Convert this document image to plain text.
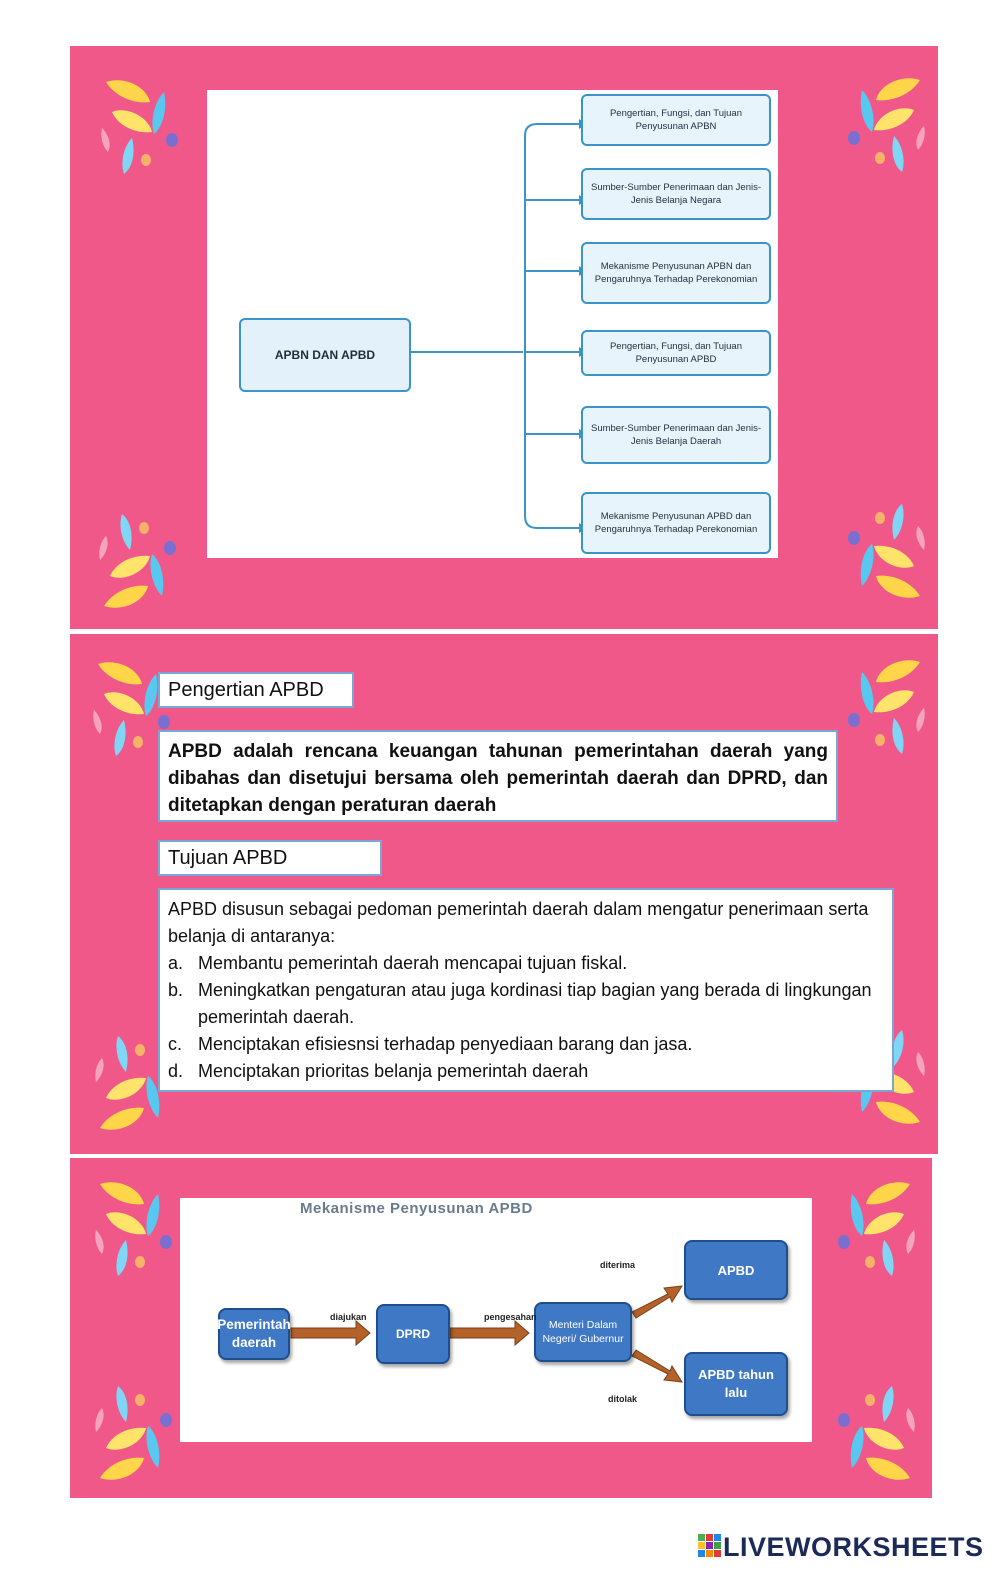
APBN DAN APBD
Pengertian, Fungsi, dan Tujuan Penyusunan APBN
Sumber-Sumber Penerimaan dan Jenis-Jenis Belanja Negara
Mekanisme Penyusunan APBN dan Pengaruhnya Terhadap Perekonomian
Pengertian, Fungsi, dan Tujuan Penyusunan APBD
Sumber-Sumber Penerimaan dan Jenis-Jenis Belanja Daerah
Mekanisme Penyusunan APBD dan Pengaruhnya Terhadap Perekonomian
Pengertian APBD
APBD adalah rencana keuangan tahunan pemerintahan daerah yang dibahas dan disetujui bersama oleh pemerintah daerah dan DPRD, dan ditetapkan dengan peraturan daerah
Tujuan APBD
APBD disusun sebagai pedoman pemerintah daerah dalam mengatur penerimaan serta belanja di antaranya:
a. Membantu pemerintah daerah mencapai tujuan fiskal.
b. Meningkatkan pengaturan atau juga kordinasi tiap bagian yang berada di lingkungan pemerintah daerah.
c. Menciptakan efisiesnsi terhadap penyediaan barang dan jasa.
d. Menciptakan prioritas belanja pemerintah daerah
Mekanisme Penyusunan APBD
Pemerintah daerah
DPRD
Menteri Dalam Negeri/ Gubernur
APBD
APBD tahun lalu
diajukan	pengesahan
diterima
ditolak
LIVEWORKSHEETS
